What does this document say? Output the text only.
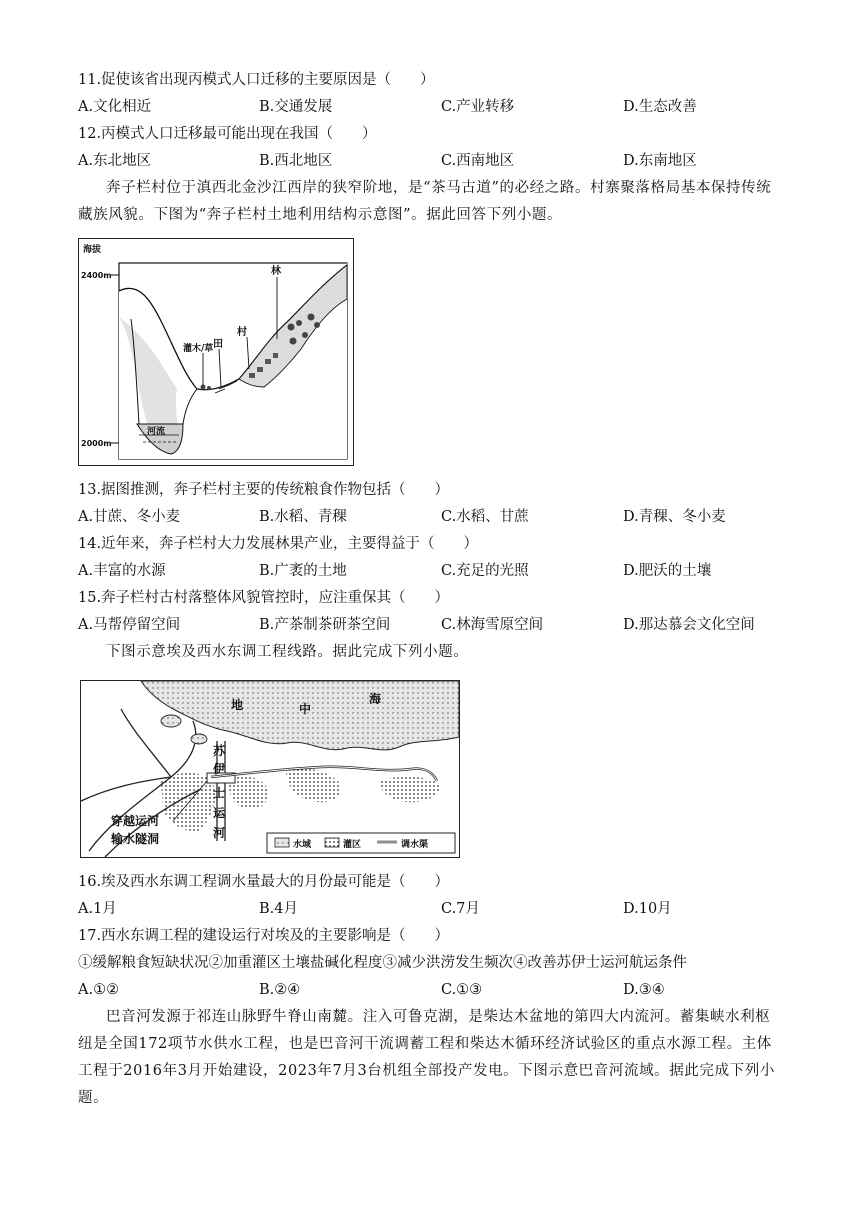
11.促使该省出现丙模式人口迁移的主要原因是（　　）
A.文化相近	B.交通发展	C.产业转移	D.生态改善
12.丙模式人口迁移最可能出现在我国（　　）
A.东北地区	B.西北地区	C.西南地区	D.东南地区
奔子栏村位于滇西北金沙江西岸的狭窄阶地，是“茶马古道”的必经之路。村寨聚落格局基本保持传统藏族风貌。下图为“奔子栏村土地利用结构示意图”。据此回答下列小题。
海拔
2400m
2000m
河流
林
村
田
灌木/草
13.据图推测，奔子栏村主要的传统粮食作物包括（　　）
A.甘蔗、冬小麦	B.水稻、青稞	C.水稻、甘蔗	D.青稞、冬小麦
14.近年来，奔子栏村大力发展林果产业，主要得益于（　　）
A.丰富的水源	B.广袤的土地	C.充足的光照	D.肥沃的土壤
15.奔子栏村古村落整体风貌管控时，应注重保其（　　）
A.马帮停留空间	B.产茶制茶研茶空间	C.林海雪原空间	D.那达慕会文化空间
下图示意埃及西水东调工程线路。据此完成下列小题。
地	中
海
苏
伊
士
运
河
穿越运河
输水隧洞	水域	灌区	调水渠
16.埃及西水东调工程调水量最大的月份最可能是（　　）
A.1月	B.4月	C.7月	D.10月
17.西水东调工程的建设运行对埃及的主要影响是（　　）
①缓解粮食短缺状况②加重灌区土壤盐碱化程度③减少洪涝发生频次④改善苏伊士运河航运条件
A.①②	B.②④	C.①③	D.③④
巴音河发源于祁连山脉野牛脊山南麓。注入可鲁克湖，是柴达木盆地的第四大内流河。蓄集峡水利枢纽是全国172项节水供水工程，也是巴音河干流调蓄工程和柴达木循环经济试验区的重点水源工程。主体工程于2016年3月开始建设，2023年7月3台机组全部投产发电。下图示意巴音河流域。据此完成下列小题。
